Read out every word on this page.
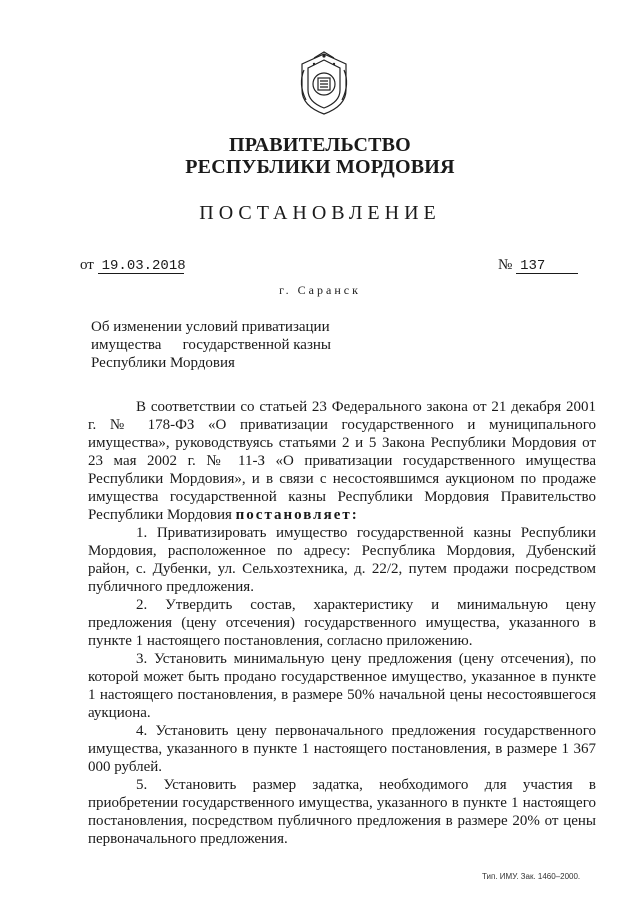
ПРАВИТЕЛЬСТВО
РЕСПУБЛИКИ МОРДОВИЯ
ПОСТАНОВЛЕНИЕ
от 19.03.2018	№ 137
г. Саранск
Об изменении условий приватизации
имущества государственной казны
Республики Мордовия

В соответствии со статьей 23 Федерального закона от 21 декабря 2001 г. № 178-ФЗ «О приватизации государственного и муниципального имущества», руководствуясь статьями 2 и 5 Закона Республики Мордовия от 23 мая 2002 г. № 11-З «О приватизации государственного имущества Республики Мордовия», и в связи с несостоявшимся аукционом по продаже имущества государственной казны Республики Мордовия Правительство Республики Мордовия постановляет:

1. Приватизировать имущество государственной казны Республики Мордовия, расположенное по адресу: Республика Мордовия, Дубенский район, с. Дубенки, ул. Сельхозтехника, д. 22/2, путем продажи посредством публичного предложения.

2. Утвердить состав, характеристику и минимальную цену предложения (цену отсечения) государственного имущества, указанного в пункте 1 настоящего постановления, согласно приложению.

3. Установить минимальную цену предложения (цену отсечения), по которой может быть продано государственное имущество, указанное в пункте 1 настоящего постановления, в размере 50% начальной цены несостоявшегося аукциона.

4. Установить цену первоначального предложения государственного имущества, указанного в пункте 1 настоящего постановления, в размере 1 367 000 рублей.

5. Установить размер задатка, необходимого для участия в приобретении государственного имущества, указанного в пункте 1 настоящего постановления, посредством публичного предложения в размере 20% от цены первоначального предложения.

Тип. ИМУ. Зак. 1460–2000.
